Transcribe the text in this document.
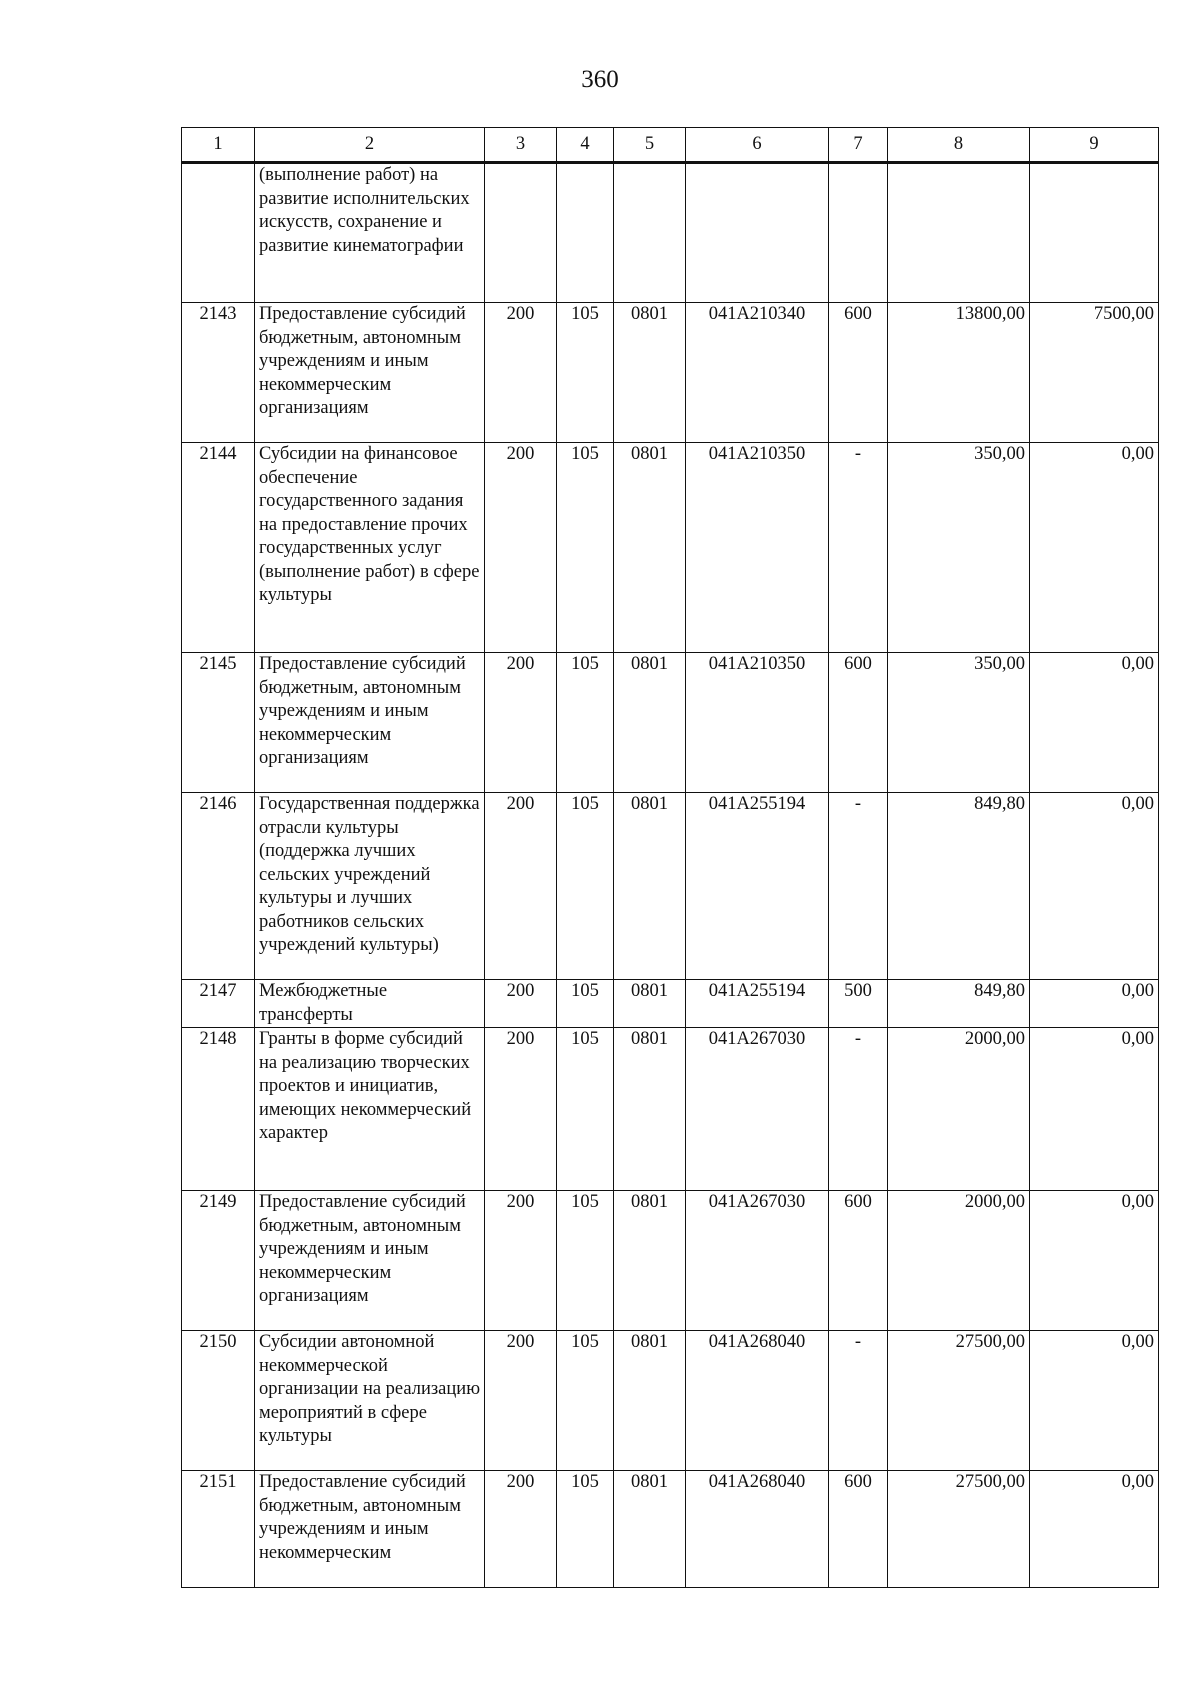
360
1	2	3	4	5	6	7	8	9
	(выполнение работ) на развитие исполнительских искусств, сохранение и развитие кинематографии							
2143	Предоставление субсидий бюджетным, автономным учреждениям и иным некоммерческим организациям	200	105	0801	041А210340	600	13800,00	7500,00
2144	Субсидии на финансовое обеспечение государственного задания на предоставление прочих государственных услуг (выполнение работ) в сфере культуры	200	105	0801	041А210350	-	350,00	0,00
2145	Предоставление субсидий бюджетным, автономным учреждениям и иным некоммерческим организациям	200	105	0801	041А210350	600	350,00	0,00
2146	Государственная поддержка отрасли культуры (поддержка лучших сельских учреждений культуры и лучших работников сельских учреждений культуры)	200	105	0801	041А255194	-	849,80	0,00
2147	Межбюджетные трансферты	200	105	0801	041А255194	500	849,80	0,00
2148	Гранты в форме субсидий на реализацию творческих проектов и инициатив, имеющих некоммерческий характер	200	105	0801	041А267030	-	2000,00	0,00
2149	Предоставление субсидий бюджетным, автономным учреждениям и иным некоммерческим организациям	200	105	0801	041А267030	600	2000,00	0,00
2150	Субсидии автономной некоммерческой организации на реализацию мероприятий в сфере культуры	200	105	0801	041А268040	-	27500,00	0,00
2151	Предоставление субсидий бюджетным, автономным учреждениям и иным некоммерческим	200	105	0801	041А268040	600	27500,00	0,00
